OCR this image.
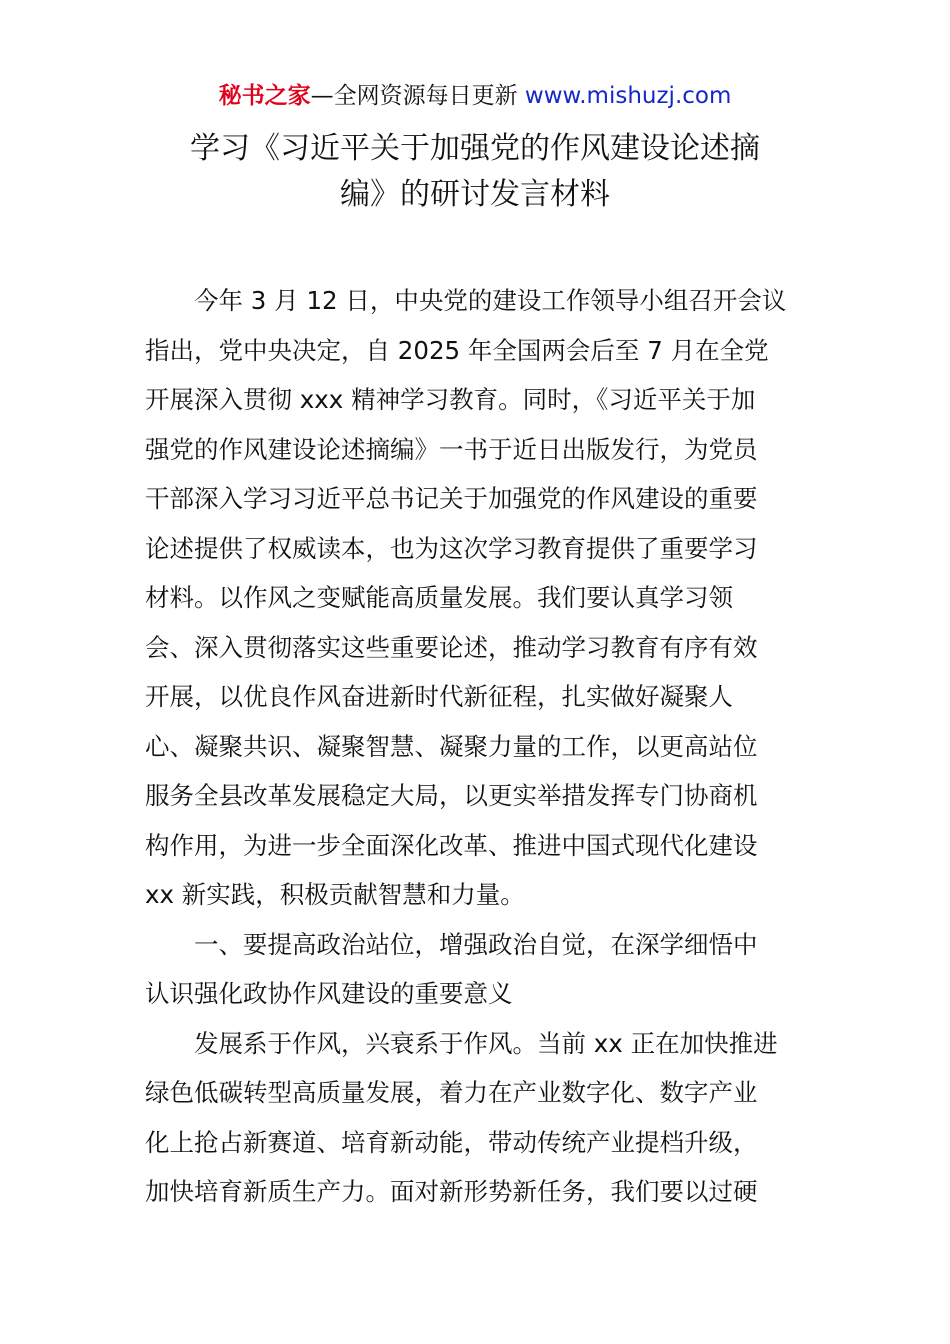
秘书之家—全网资源每日更新 www.mishuzj.com
学习《习近平关于加强党的作风建设论述摘
编》的研讨发言材料
　　今年 3 月 12 日，中央党的建设工作领导小组召开会议
指出，党中央决定，自 2025 年全国两会后至 7 月在全党
开展深入贯彻 xxx 精神学习教育。同时，《习近平关于加
强党的作风建设论述摘编》一书于近日出版发行，为党员
干部深入学习习近平总书记关于加强党的作风建设的重要
论述提供了权威读本，也为这次学习教育提供了重要学习
材料。以作风之变赋能高质量发展。我们要认真学习领
会、深入贯彻落实这些重要论述，推动学习教育有序有效
开展，以优良作风奋进新时代新征程，扎实做好凝聚人
心、凝聚共识、凝聚智慧、凝聚力量的工作，以更高站位
服务全县改革发展稳定大局，以更实举措发挥专门协商机
构作用，为进一步全面深化改革、推进中国式现代化建设
xx 新实践，积极贡献智慧和力量。
　　一、要提高政治站位，增强政治自觉，在深学细悟中
认识强化政协作风建设的重要意义
　　发展系于作风，兴衰系于作风。当前 xx 正在加快推进
绿色低碳转型高质量发展，着力在产业数字化、数字产业
化上抢占新赛道、培育新动能，带动传统产业提档升级，
加快培育新质生产力。面对新形势新任务，我们要以过硬
